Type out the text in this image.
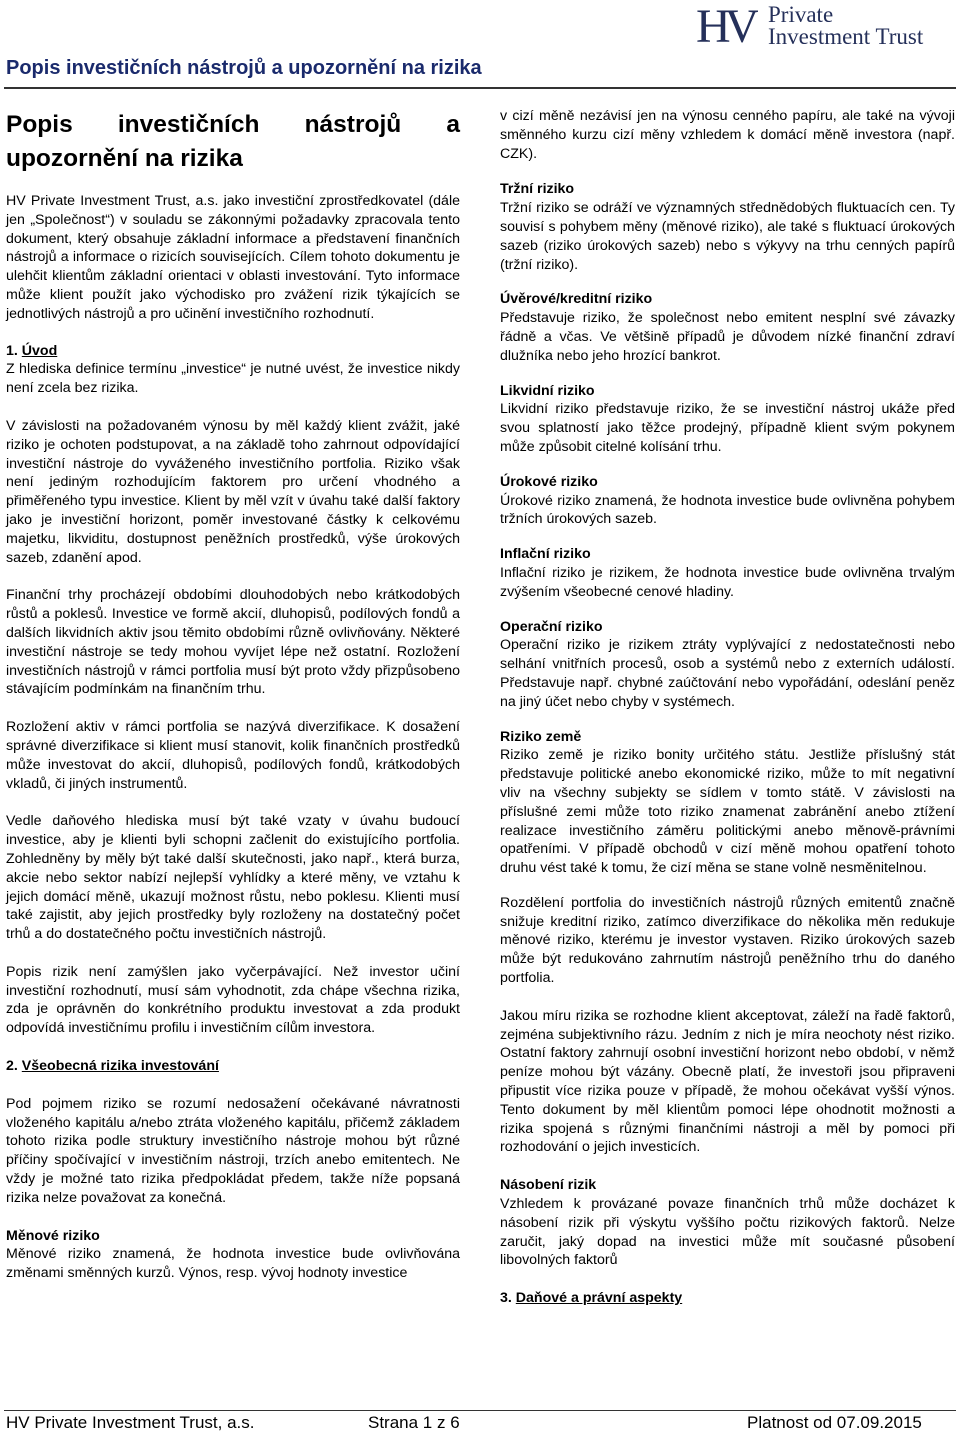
HV Private
Investment Trust
Popis investičních nástrojů a upozornění na rizika
Popis investičních nástrojů a
upozornění na rizika

HV Private Investment Trust, a.s. jako investiční zprostředkovatel (dále jen „Společnost“) v souladu se zákonnými požadavky zpracovala tento dokument, který obsahuje základní informace a představení finančních nástrojů a informace o rizicích souvisejících. Cílem tohoto dokumentu je ulehčit klientům základní orientaci v oblasti investování. Tyto informace může klient použít jako východisko pro zvážení rizik týkajících se jednotlivých nástrojů a pro učinění investičního rozhodnutí.

1. Úvod

Z hlediska definice termínu „investice“ je nutné uvést, že investice nikdy není zcela bez rizika.

V závislosti na požadovaném výnosu by měl každý klient zvážit, jaké riziko je ochoten podstupovat, a na základě toho zahrnout odpovídající investiční nástroje do vyváženého investičního portfolia. Riziko však není jediným rozhodujícím faktorem pro určení vhodného a přiměřeného typu investice. Klient by měl vzít v úvahu také další faktory jako je investiční horizont, poměr investované částky k celkovému majetku, likviditu, dostupnost peněžních prostředků, výše úrokových sazeb, zdanění apod.

Finanční trhy procházejí obdobími dlouhodobých nebo krátkodobých růstů a poklesů. Investice ve formě akcií, dluhopisů, podílových fondů a dalších likvidních aktiv jsou těmito obdobími různě ovlivňovány. Některé investiční nástroje se tedy mohou vyvíjet lépe než ostatní. Rozložení investičních nástrojů v rámci portfolia musí být proto vždy přizpůsobeno stávajícím podmínkám na finančním trhu.

Rozložení aktiv v rámci portfolia se nazývá diverzifikace. K dosažení správné diverzifikace si klient musí stanovit, kolik finančních prostředků může investovat do akcií, dluhopisů, podílových fondů, krátkodobých vkladů, či jiných instrumentů.

Vedle daňového hlediska musí být také vzaty v úvahu budoucí investice, aby je klienti byli schopni začlenit do existujícího portfolia. Zohledněny by měly být také další skutečnosti, jako např., která burza, akcie nebo sektor nabízí nejlepší vyhlídky a které měny, ve vztahu k jejich domácí měně, ukazují možnost růstu, nebo poklesu. Klienti musí také zajistit, aby jejich prostředky byly rozloženy na dostatečný počet trhů a do dostatečného počtu investičních nástrojů.

Popis rizik není zamýšlen jako vyčerpávající. Než investor učiní investiční rozhodnutí, musí sám vyhodnotit, zda chápe všechna rizika, zda je oprávněn do konkrétního produktu investovat a zda produkt odpovídá investičnímu profilu i investičním cílům investora.

2. Všeobecná rizika investování

Pod pojmem riziko se rozumí nedosažení očekávané návratnosti vloženého kapitálu a/nebo ztráta vloženého kapitálu, přičemž základem tohoto rizika podle struktury investičního nástroje mohou být různé příčiny spočívající v investičním nástroji, trzích anebo emitentech. Ne vždy je možné tato rizika předpokládat předem, takže níže popsaná rizika nelze považovat za konečná.

Měnové riziko

Měnové riziko znamená, že hodnota investice bude ovlivňována změnami směnných kurzů. Výnos, resp. vývoj hodnoty investice

v cizí měně nezávisí jen na výnosu cenného papíru, ale také na vývoji směnného kurzu cizí měny vzhledem k domácí měně investora (např. CZK).

Tržní riziko

Tržní riziko se odráží ve významných střednědobých fluktuacích cen. Ty souvisí s pohybem měny (měnové riziko), ale také s fluktuací úrokových sazeb (riziko úrokových sazeb) nebo s výkyvy na trhu cenných papírů (tržní riziko).

Úvěrové/kreditní riziko

Představuje riziko, že společnost nebo emitent nesplní své závazky řádně a včas. Ve většině případů je důvodem nízké finanční zdraví dlužníka nebo jeho hrozící bankrot.

Likvidní riziko

Likvidní riziko představuje riziko, že se investiční nástroj ukáže před svou splatností jako těžce prodejný, případně klient svým pokynem může způsobit citelné kolísání trhu.

Úrokové riziko

Úrokové riziko znamená, že hodnota investice bude ovlivněna pohybem tržních úrokových sazeb.

Inflační riziko

Inflační riziko je rizikem, že hodnota investice bude ovlivněna trvalým zvýšením všeobecné cenové hladiny.

Operační riziko

Operační riziko je rizikem ztráty vyplývající z nedostatečnosti nebo selhání vnitřních procesů, osob a systémů nebo z externích událostí. Představuje např. chybné zaúčtování nebo vypořádání, odeslání peněz na jiný účet nebo chyby v systémech.

Riziko země

Riziko země je riziko bonity určitého státu. Jestliže příslušný stát představuje politické anebo ekonomické riziko, může to mít negativní vliv na všechny subjekty se sídlem v tomto státě. V závislosti na příslušné zemi může toto riziko znamenat zabránění anebo ztížení realizace investičního záměru politickými anebo měnově-právními opatřeními. V případě obchodů v cizí měně mohou opatření tohoto druhu vést také k tomu, že cizí měna se stane volně nesměnitelnou.

Rozdělení portfolia do investičních nástrojů různých emitentů značně snižuje kreditní riziko, zatímco diverzifikace do několika měn redukuje měnové riziko, kterému je investor vystaven. Riziko úrokových sazeb může být redukováno zahrnutím nástrojů peněžního trhu do daného portfolia.

Jakou míru rizika se rozhodne klient akceptovat, záleží na řadě faktorů, zejména subjektivního rázu. Jedním z nich je míra neochoty nést riziko. Ostatní faktory zahrnují osobní investiční horizont nebo období, v němž peníze mohou být vázány. Obecně platí, že investoři jsou připraveni připustit více rizika pouze v případě, že mohou očekávat vyšší výnos. Tento dokument by měl klientům pomoci lépe ohodnotit možnosti a rizika spojená s různými finančními nástroji a měl by pomoci při rozhodování o jejich investicích.

Násobení rizik

Vzhledem k provázané povaze finančních trhů může docházet k násobení rizik při výskytu vyššího počtu rizikových faktorů. Nelze zaručit, jaký dopad na investici může mít současné působení libovolných faktorů

3. Daňové a právní aspekty
HV Private Investment Trust, a.s.	Strana 1 z 6	Platnost od 07.09.2015
